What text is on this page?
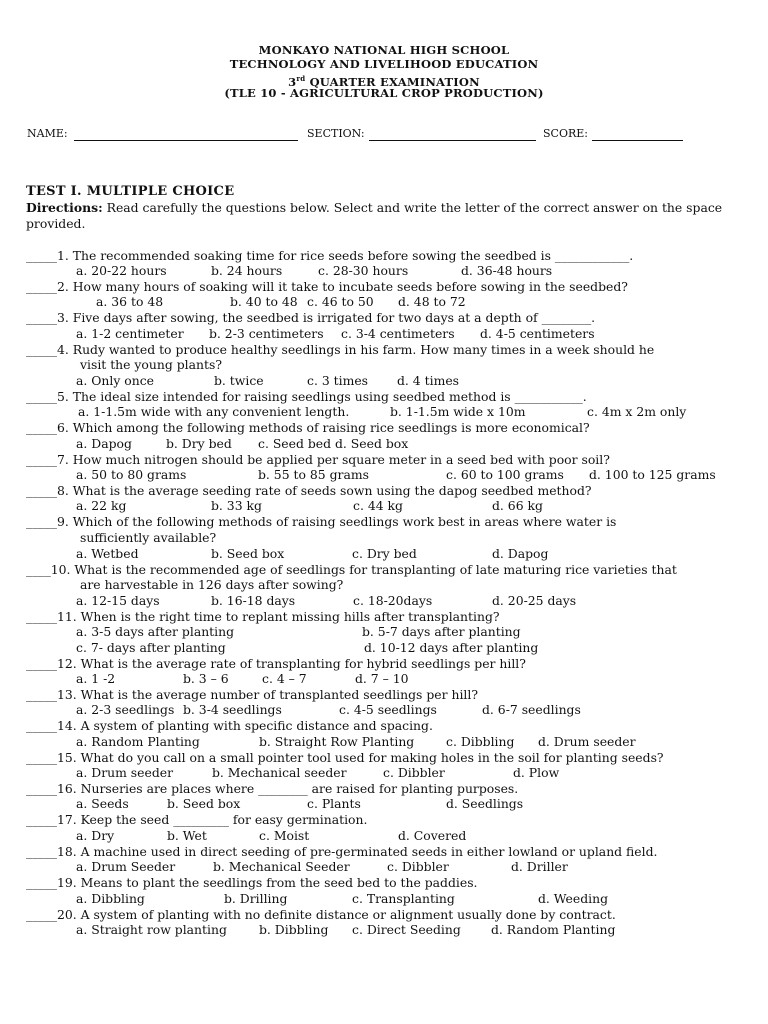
MONKAYO NATIONAL HIGH SCHOOL
TECHNOLOGY AND LIVELIHOOD EDUCATION
3rd QUARTER EXAMINATION
(TLE 10 - AGRICULTURAL CROP PRODUCTION)
NAME:	SECTION:	SCORE:
TEST I. MULTIPLE CHOICE
Directions: Read carefully the questions below. Select and write the letter of the correct answer on the space provided.
_____1. The recommended soaking time for rice seeds before sowing the seedbed is ____________.
a. 20-22 hours	b. 24 hours	c. 28-30 hours	d. 36-48 hours
_____2. How many hours of soaking will it take to incubate seeds before sowing in the seedbed?
a. 36 to 48	b. 40 to 48 c. 46 to 50 d. 48 to 72
_____3. Five days after sowing, the seedbed is irrigated for two days at a depth of ________.
a. 1-2 centimeter b. 2-3 centimeters c. 3-4 centimeters d. 4-5 centimeters
_____4. Rudy wanted to produce healthy seedlings in his farm. How many times in a week should he
visit the young plants?
a. Only once	b. twice	c. 3 times d. 4 times
_____5. The ideal size intended for raising seedlings using seedbed method is ___________.
a. 1-1.5m wide with any convenient length.	b. 1-1.5m wide x 10m	c. 4m x 2m only
_____6. Which among the following methods of raising rice seedlings is more economical?
a. Dapog	b. Dry bed c. Seed bed d. Seed box
_____7. How much nitrogen should be applied per square meter in a seed bed with poor soil?
a. 50 to 80 grams	b. 55 to 85 grams	c. 60 to 100 grams d. 100 to 125 grams
_____8. What is the average seeding rate of seeds sown using the dapog seedbed method?
a. 22 kg	b. 33 kg	c. 44 kg	d. 66 kg
_____9. Which of the following methods of raising seedlings work best in areas where water is
sufficiently available?
a. Wetbed	b. Seed box	c. Dry bed	d. Dapog
____10. What is the recommended age of seedlings for transplanting of late maturing rice varieties that
are harvestable in 126 days after sowing?
a. 12-15 days	b. 16-18 days	c. 18-20days	d. 20-25 days
_____11. When is the right time to replant missing hills after transplanting?
a. 3-5 days after planting	b. 5-7 days after planting
c. 7- days after planting	d. 10-12 days after planting
_____12. What is the average rate of transplanting for hybrid seedlings per hill?
a. 1 -2	b. 3 – 6	c. 4 – 7	d. 7 – 10
_____13. What is the average number of transplanted seedlings per hill?
a. 2-3 seedlings b. 3-4 seedlings	c. 4-5 seedlings	d. 6-7 seedlings
_____14. A system of planting with specific distance and spacing.
a. Random Planting	b. Straight Row Planting	c. Dibbling d. Drum seeder
_____15. What do you call on a small pointer tool used for making holes in the soil for planting seeds?
a. Drum seeder	b. Mechanical seeder	c. Dibbler	d. Plow
_____16. Nurseries are places where ________ are raised for planting purposes.
a. Seeds	b. Seed box	c. Plants	d. Seedlings
_____17. Keep the seed _________ for easy germination.
a. Dry	b. Wet	c. Moist	d. Covered
_____18. A machine used in direct seeding of pre-germinated seeds in either lowland or upland field.
a. Drum Seeder	b. Mechanical Seeder	c. Dibbler	d. Driller
_____19. Means to plant the seedlings from the seed bed to the paddies.
a. Dibbling	b. Drilling	c. Transplanting	d. Weeding
_____20. A system of planting with no definite distance or alignment usually done by contract.
a. Straight row planting	b. Dibbling c. Direct Seeding d. Random Planting
